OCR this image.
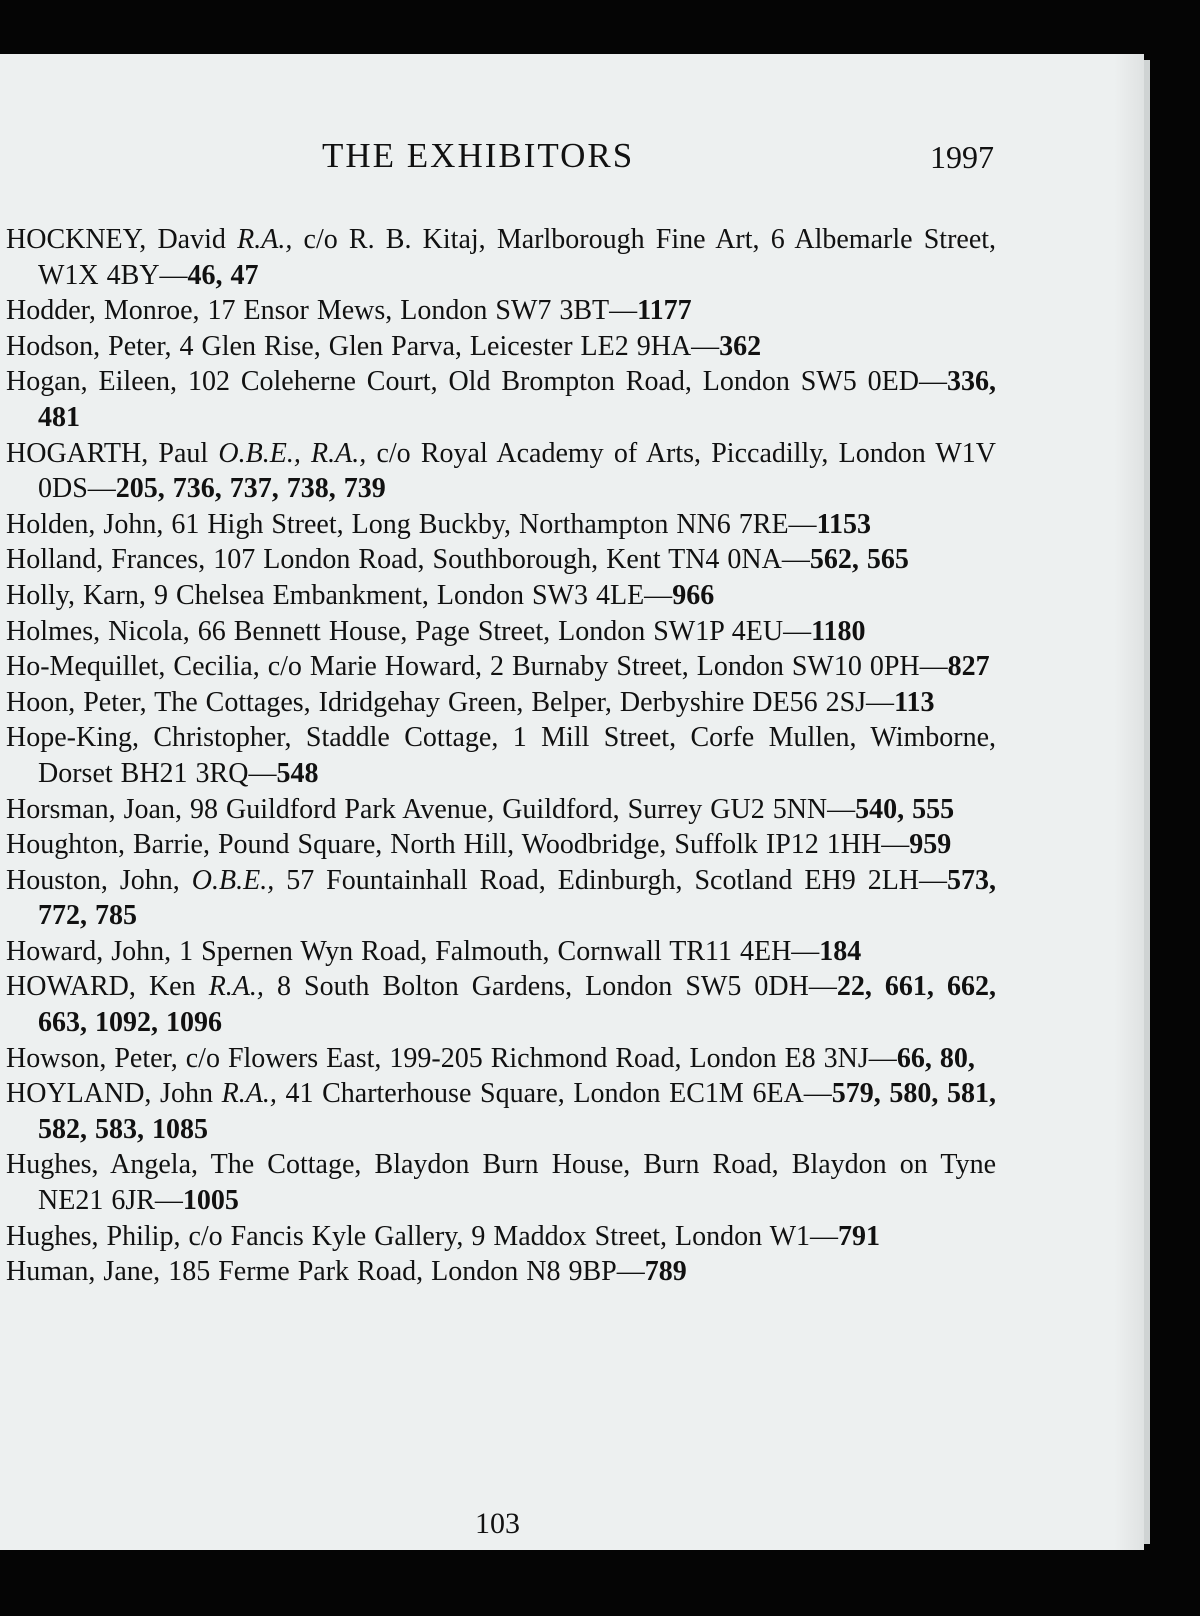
THE EXHIBITORS	1997

HOCKNEY, David R.A., c/o R. B. Kitaj, Marlborough Fine Art, 6 Albemarle Street, W1X 4BY—46, 47

Hodder, Monroe, 17 Ensor Mews, London SW7 3BT—1177

Hodson, Peter, 4 Glen Rise, Glen Parva, Leicester LE2 9HA—362

Hogan, Eileen, 102 Coleherne Court, Old Brompton Road, London SW5 0ED—336, 481

HOGARTH, Paul O.B.E., R.A., c/o Royal Academy of Arts, Piccadilly, London W1V 0DS—205, 736, 737, 738, 739

Holden, John, 61 High Street, Long Buckby, Northampton NN6 7RE—1153

Holland, Frances, 107 London Road, Southborough, Kent TN4 0NA—562, 565

Holly, Karn, 9 Chelsea Embankment, London SW3 4LE—966

Holmes, Nicola, 66 Bennett House, Page Street, London SW1P 4EU—1180

Ho-Mequillet, Cecilia, c/o Marie Howard, 2 Burnaby Street, London SW10 0PH—827

Hoon, Peter, The Cottages, Idridgehay Green, Belper, Derbyshire DE56 2SJ—113

Hope-King, Christopher, Staddle Cottage, 1 Mill Street, Corfe Mullen, Wimborne, Dorset BH21 3RQ—548

Horsman, Joan, 98 Guildford Park Avenue, Guildford, Surrey GU2 5NN—540, 555

Houghton, Barrie, Pound Square, North Hill, Woodbridge, Suffolk IP12 1HH—959

Houston, John, O.B.E., 57 Fountainhall Road, Edinburgh, Scotland EH9 2LH—573, 772, 785

Howard, John, 1 Spernen Wyn Road, Falmouth, Cornwall TR11 4EH—184

HOWARD, Ken R.A., 8 South Bolton Gardens, London SW5 0DH—22, 661, 662, 663, 1092, 1096

Howson, Peter, c/o Flowers East, 199-205 Richmond Road, London E8 3NJ—66, 80,

HOYLAND, John R.A., 41 Charterhouse Square, London EC1M 6EA—579, 580, 581, 582, 583, 1085

Hughes, Angela, The Cottage, Blaydon Burn House, Burn Road, Blaydon on Tyne NE21 6JR—1005

Hughes, Philip, c/o Fancis Kyle Gallery, 9 Maddox Street, London W1—791

Human, Jane, 185 Ferme Park Road, London N8 9BP—789

103
